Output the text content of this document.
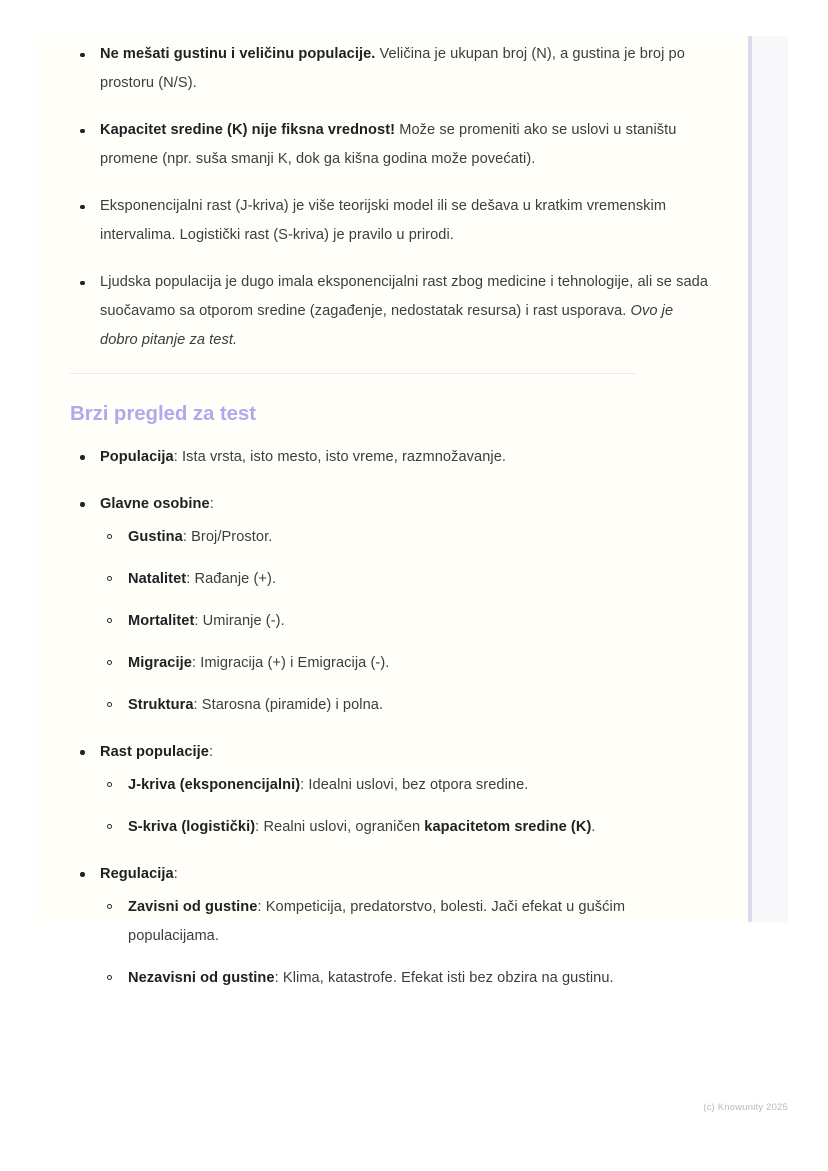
Ne mešati gustinu i veličinu populacije. Veličina je ukupan broj (N), a gustina je broj po prostoru (N/S).
Kapacitet sredine (K) nije fiksna vrednost! Može se promeniti ako se uslovi u staništu promene (npr. suša smanji K, dok ga kišna godina može povećati).
Eksponencijalni rast (J-kriva) je više teorijski model ili se dešava u kratkim vremenskim intervalima. Logistički rast (S-kriva) je pravilo u prirodi.
Ljudska populacija je dugo imala eksponencijalni rast zbog medicine i tehnologije, ali se sada suočavamo sa otporom sredine (zagađenje, nedostatak resursa) i rast usporava. Ovo je dobro pitanje za test.
Brzi pregled za test
Populacija: Ista vrsta, isto mesto, isto vreme, razmnožavanje.
Glavne osobine:
Gustina: Broj/Prostor.
Natalitet: Rađanje (+).
Mortalitet: Umiranje (-).
Migracije: Imigracija (+) i Emigracija (-).
Struktura: Starosna (piramide) i polna.
Rast populacije:
J-kriva (eksponencijalni): Idealni uslovi, bez otpora sredine.
S-kriva (logistički): Realni uslovi, ograničen kapacitetom sredine (K).
Regulacija:
Zavisni od gustine: Kompeticija, predatorstvo, bolesti. Jači efekat u gušćim populacijama.
Nezavisni od gustine: Klima, katastrofe. Efekat isti bez obzira na gustinu.
(c) Knowunity 2025
